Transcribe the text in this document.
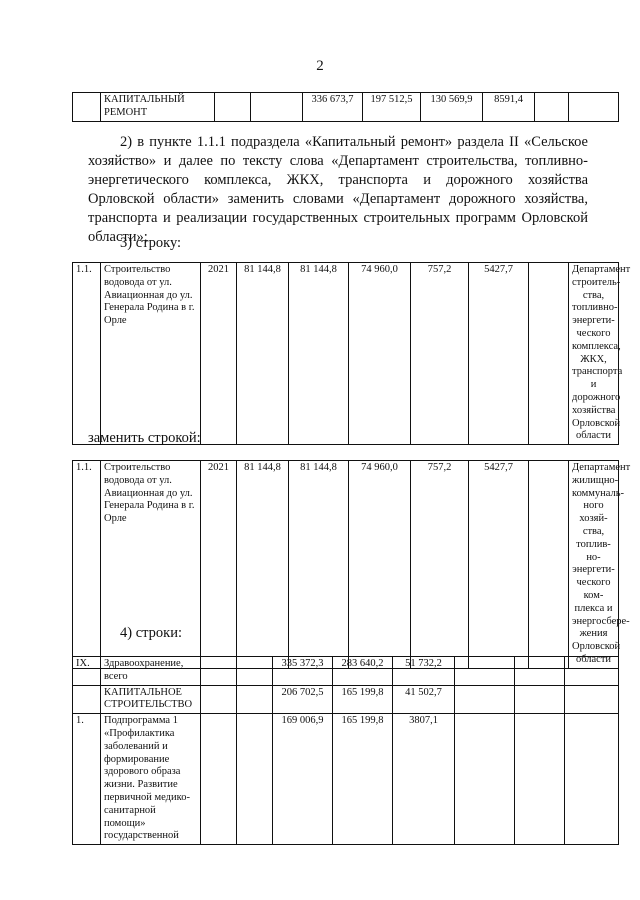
2
	КАПИТАЛЬНЫЙ РЕМОНТ			336 673,7	197 512,5	130 569,9	8591,4		

2) в пункте 1.1.1 подраздела «Капитальный ремонт» раздела II «Сельское хозяйство» и далее по тексту слова «Департамент строительства, топливно-энергетического комплекса, ЖКХ, транспорта и дорожного хозяйства Орловской области» заменить словами «Департамент дорожного хозяйства, транспорта и реализации государственных строительных программ Орловской области»;

3) строку:
1.1.	Строительство водовода от ул. Авиационная до ул. Генерала Родина в г. Орле	2021	81 144,8	81 144,8	74 960,0	757,2	5427,7		Департамент строитель-ства, топливно-энергети-ческого комплекса, ЖКХ, транспорта и дорожного хозяйства Орловской области
заменить строкой:
1.1.	Строительство водовода от ул. Авиационная до ул. Генерала Родина в г. Орле	2021	81 144,8	81 144,8	74 960,0	757,2	5427,7		Департамент жилищно-коммуналь-ного хозяй-ства, топлив-но-энергети-ческого ком-плекса и энергосбере-жения Орловской области
4) строки:
IX.	Здравоохранение, всего			335 372,3	283 640,2	51 732,2			
	КАПИТАЛЬНОЕ СТРОИТЕЛЬСТВО			206 702,5	165 199,8	41 502,7			
1.	Подпрограмма 1 «Профилактика заболеваний и формирование здорового образа жизни. Развитие первичной медико-санитарной помощи» государственной			169 006,9	165 199,8	3807,1			
